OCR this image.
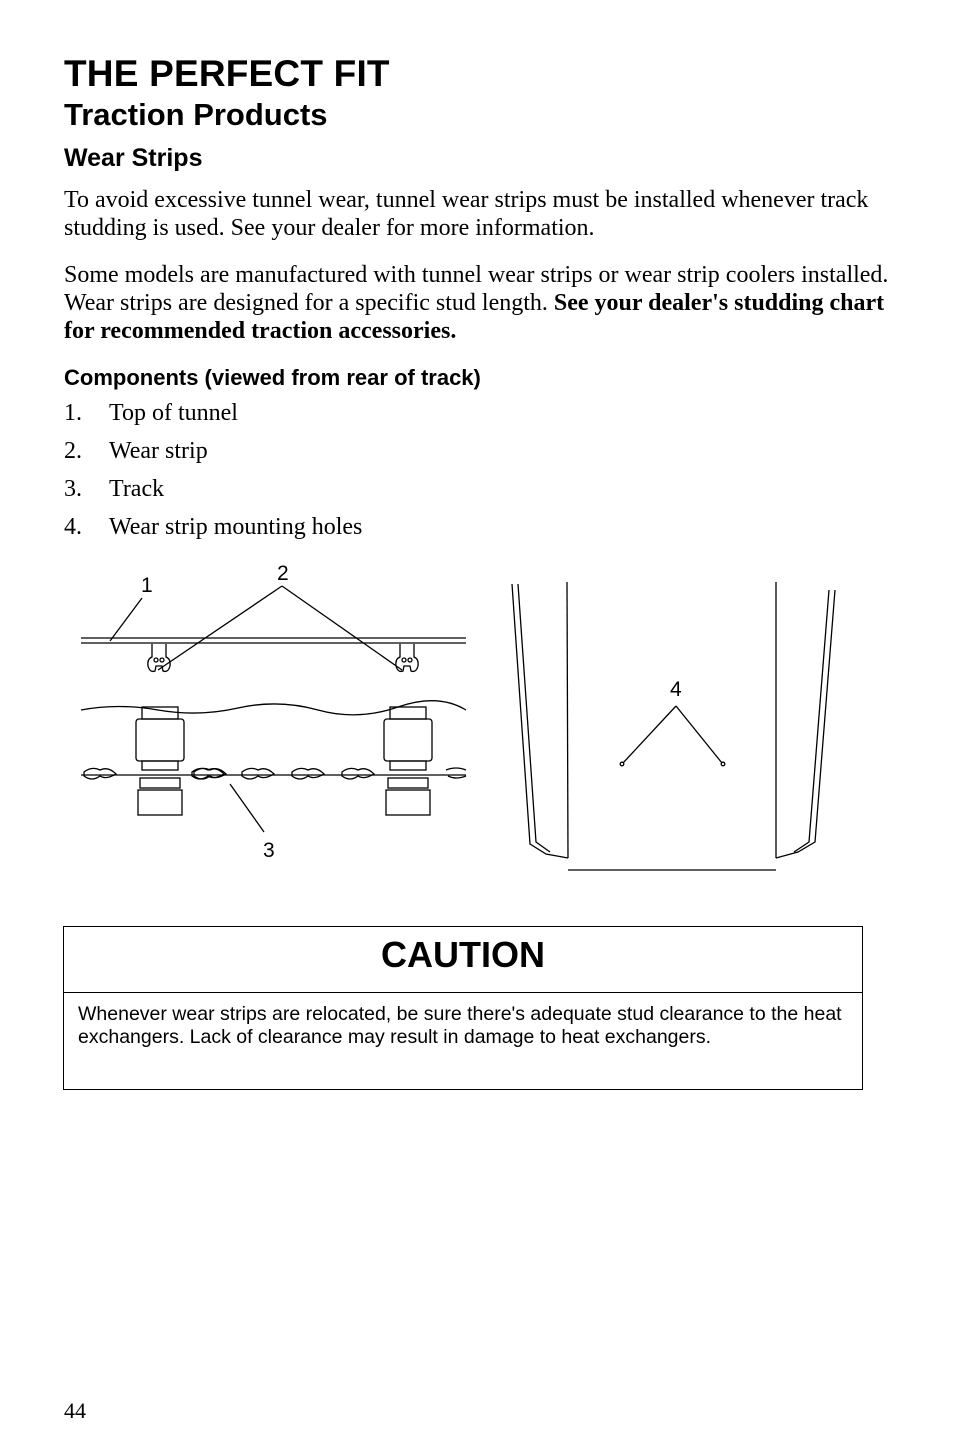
THE PERFECT FIT
Traction Products
Wear Strips

To avoid excessive tunnel wear, tunnel wear strips must be installed whenever track studding is used. See your dealer for more information.

Some models are manufactured with tunnel wear strips or wear strip coolers installed. Wear strips are designed for a specific stud length. See your dealer's studding chart for recommended traction accessories.

Components (viewed from rear of track)
1. Top of tunnel
2. Wear strip
3. Track
4. Wear strip mounting holes
1
2
3
4
CAUTION
Whenever wear strips are relocated, be sure there's adequate stud clearance to the heat exchangers. Lack of clearance may result in damage to heat exchangers.
44
